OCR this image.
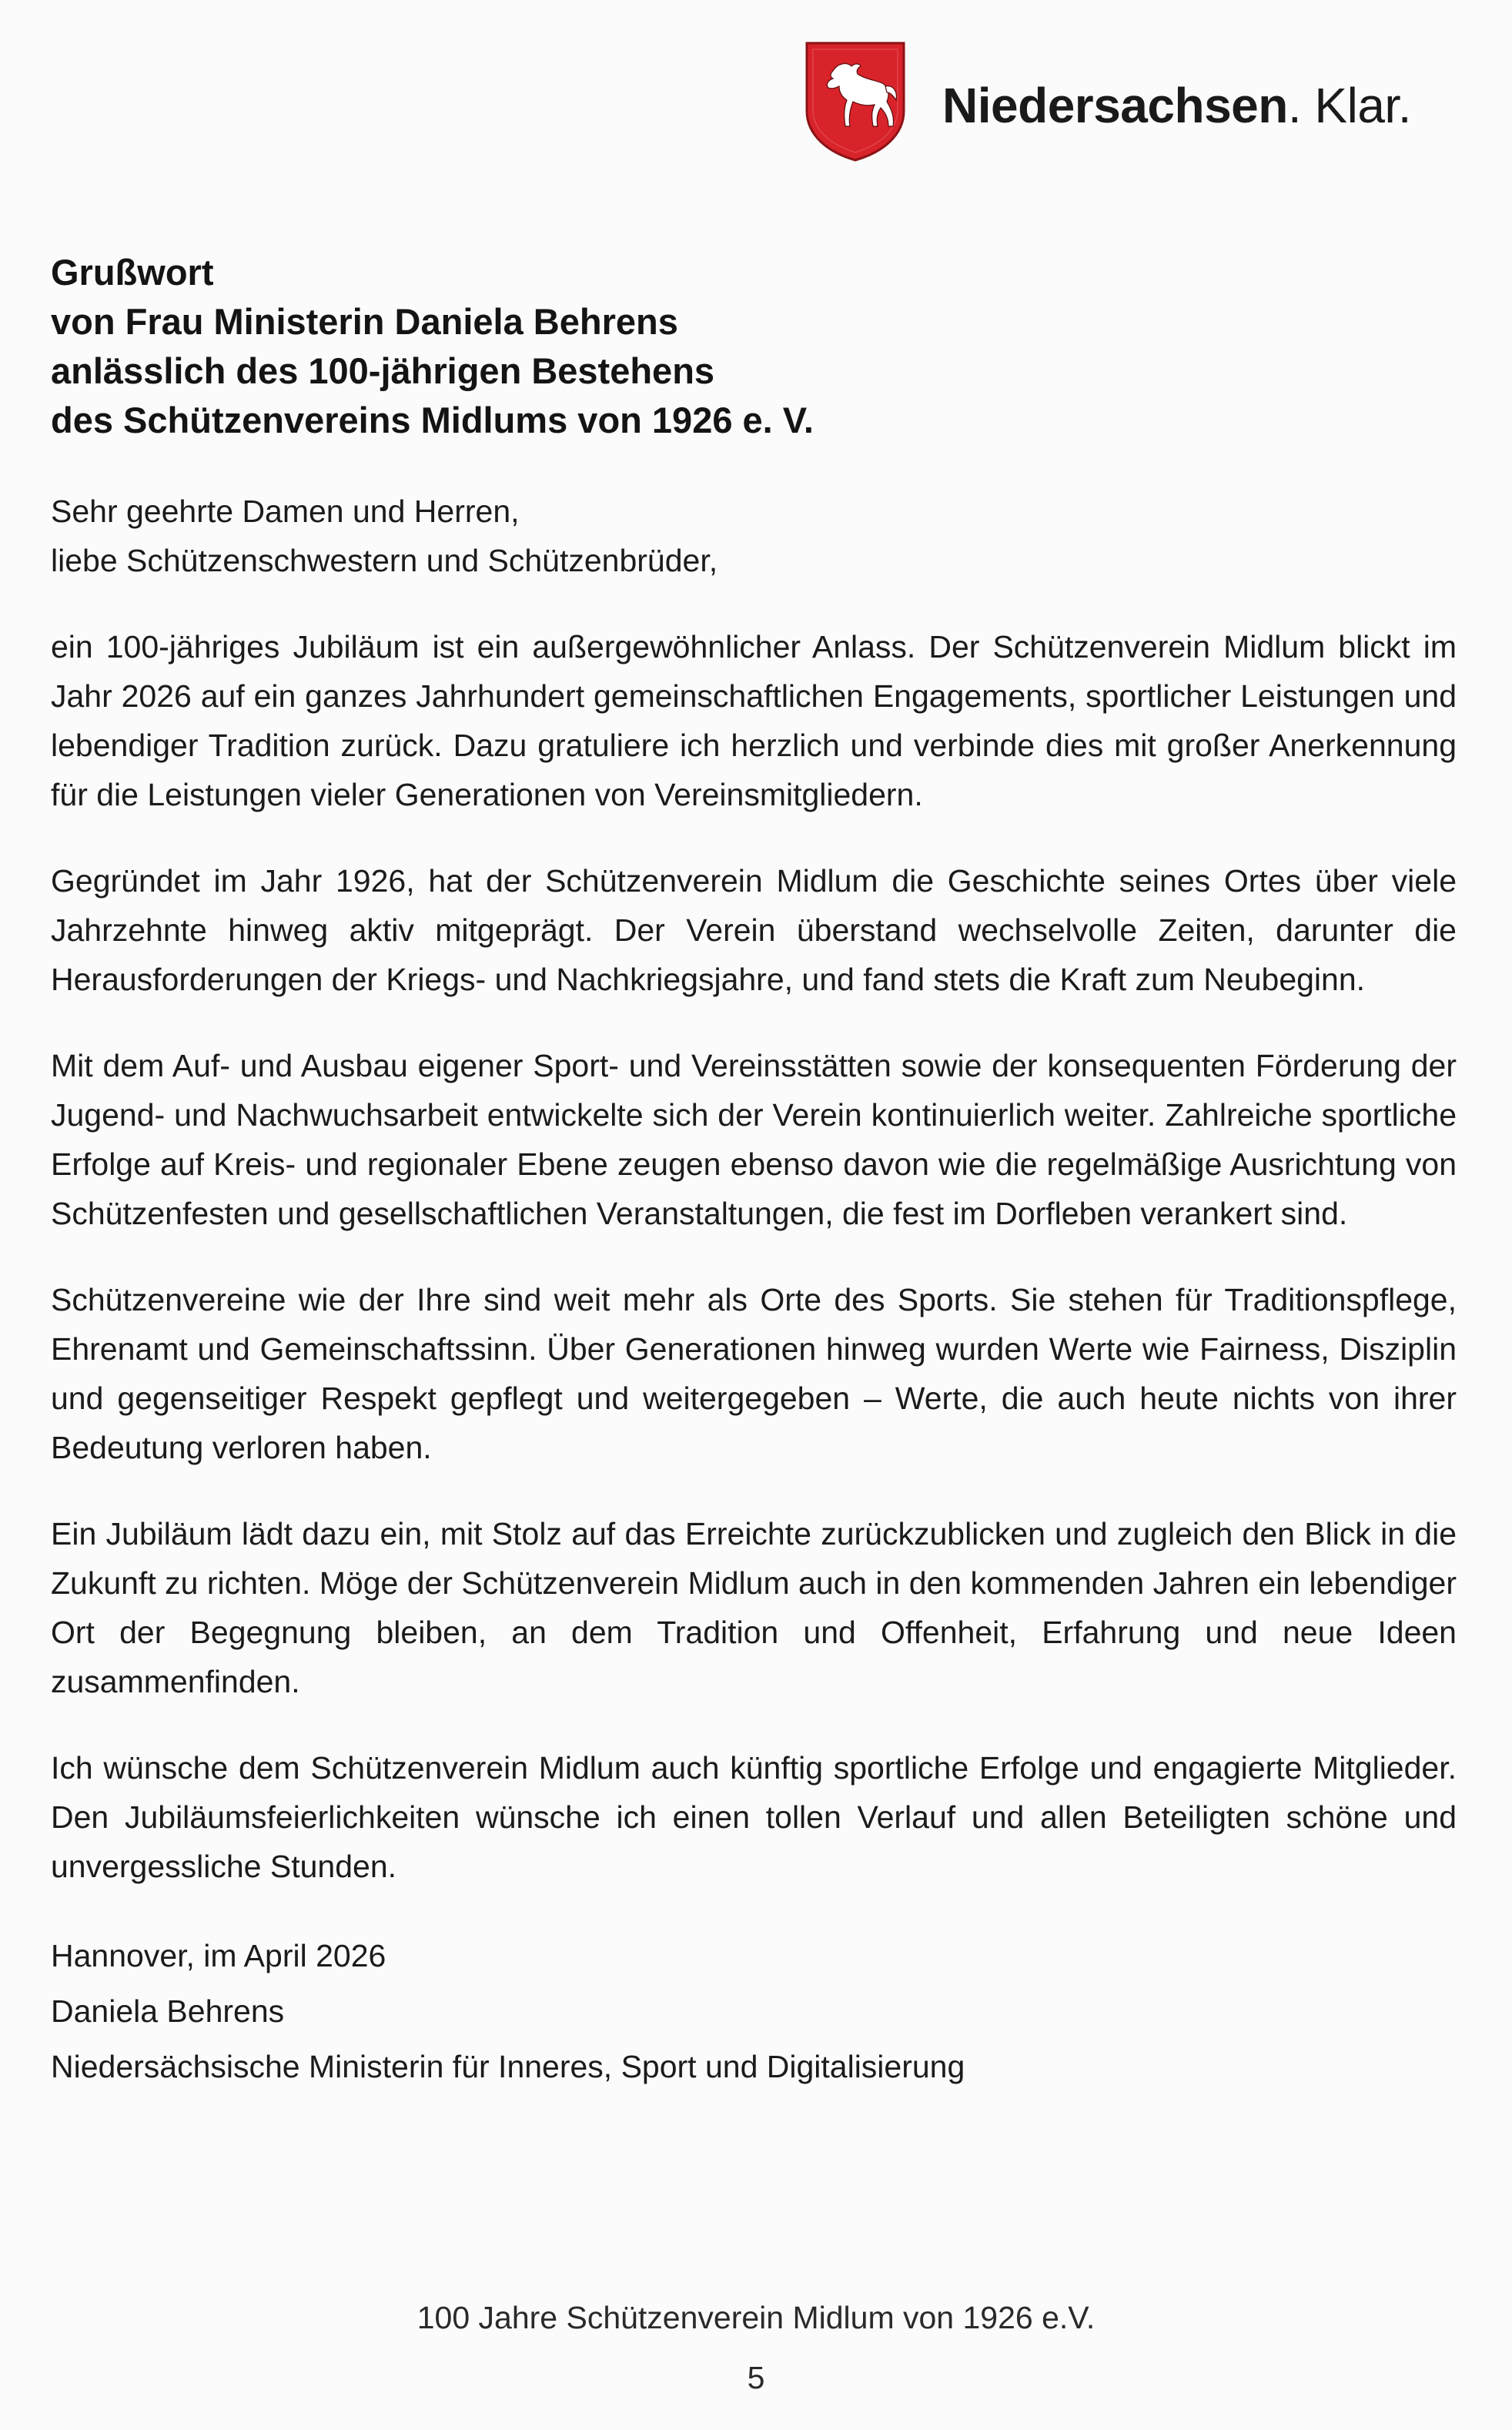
Niedersachsen. Klar.
Grußwort
von Frau Ministerin Daniela Behrens
anlässlich des 100-jährigen Bestehens
des Schützenvereins Midlums von 1926 e. V.

Sehr geehrte Damen und Herren,
liebe Schützenschwestern und Schützenbrüder,

ein 100-jähriges Jubiläum ist ein außergewöhnlicher Anlass. Der Schützenverein Midlum blickt im Jahr 2026 auf ein ganzes Jahrhundert gemeinschaftlichen Engagements, sportlicher Leistungen und lebendiger Tradition zurück. Dazu gratuliere ich herzlich und verbinde dies mit großer Anerkennung für die Leistungen vieler Generationen von Vereinsmitgliedern.

Gegründet im Jahr 1926, hat der Schützenverein Midlum die Geschichte seines Ortes über viele Jahrzehnte hinweg aktiv mitgeprägt. Der Verein überstand wechselvolle Zeiten, darunter die Herausforderungen der Kriegs- und Nachkriegsjahre, und fand stets die Kraft zum Neubeginn.

Mit dem Auf- und Ausbau eigener Sport- und Vereinsstätten sowie der konsequenten Förderung der Jugend- und Nachwuchsarbeit entwickelte sich der Verein kontinuierlich weiter. Zahlreiche sportliche Erfolge auf Kreis- und regionaler Ebene zeugen ebenso davon wie die regelmäßige Ausrichtung von Schützenfesten und gesellschaftlichen Veranstaltungen, die fest im Dorfleben verankert sind.

Schützenvereine wie der Ihre sind weit mehr als Orte des Sports. Sie stehen für Traditionspflege, Ehrenamt und Gemeinschaftssinn. Über Generationen hinweg wurden Werte wie Fairness, Disziplin und gegenseitiger Respekt gepflegt und weitergegeben – Werte, die auch heute nichts von ihrer Bedeutung verloren haben.

Ein Jubiläum lädt dazu ein, mit Stolz auf das Erreichte zurückzublicken und zugleich den Blick in die Zukunft zu richten. Möge der Schützenverein Midlum auch in den kommenden Jahren ein lebendiger Ort der Begegnung bleiben, an dem Tradition und Offenheit, Erfahrung und neue Ideen zusammenfinden.

Ich wünsche dem Schützenverein Midlum auch künftig sportliche Erfolge und engagierte Mitglieder. Den Jubiläumsfeierlichkeiten wünsche ich einen tollen Verlauf und allen Beteiligten schöne und unvergessliche Stunden.

Hannover, im April 2026
Daniela Behrens
Niedersächsische Ministerin für Inneres, Sport und Digitalisierung

100 Jahre Schützenverein Midlum von 1926 e.V.
5
